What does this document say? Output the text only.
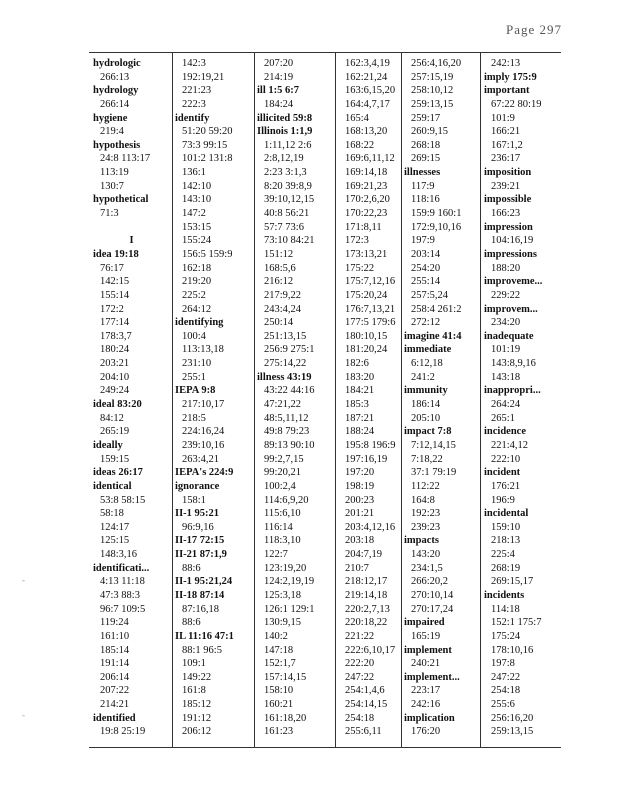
Page 297
-
-
hydrologic
266:13
hydrology
266:14
hygiene
219:4
hypothesis
24:8 113:17
113:19
130:7
hypothetical
71:3
I
idea 19:18
76:17
142:15
155:14
172:2
177:14
178:3,7
180:24
203:21
204:10
249:24
ideal 83:20
84:12
265:19
ideally
159:15
ideas 26:17
identical
53:8 58:15
58:18
124:17
125:15
148:3,16
identificati...
4:13 11:18
47:3 88:3
96:7 109:5
119:24
161:10
185:14
191:14
206:14
207:22
214:21
identified
19:8 25:19
142:3
192:19,21
221:23
222:3
identify
51:20 59:20
73:3 99:15
101:2 131:8
136:1
142:10
143:10
147:2
153:15
155:24
156:5 159:9
162:18
219:20
225:2
264:12
identifying
100:4
113:13,18
231:10
255:1
IEPA 9:8
217:10,17
218:5
224:16,24
239:10,16
263:4,21
IEPA's 224:9
ignorance
158:1
II-1 95:21
96:9,16
II-17 72:15
II-21 87:1,9
88:6
II-1 95:21,24
II-18 87:14
87:16,18
88:6
IL 11:16 47:1
88:1 96:5
109:1
149:22
161:8
185:12
191:12
206:12
207:20
214:19
ill 1:5 6:7
184:24
illicited 59:8
Illinois 1:1,9
1:11,12 2:6
2:8,12,19
2:23 3:1,3
8:20 39:8,9
39:10,12,15
40:8 56:21
57:7 73:6
73:10 84:21
151:12
168:5,6
216:12
217:9,22
243:4,24
250:14
251:13,15
256:9 275:1
275:14,22
illness 43:19
43:22 44:16
47:21,22
48:5,11,12
49:8 79:23
89:13 90:10
99:2,7,15
99:20,21
100:2,4
114:6,9,20
115:6,10
116:14
118:3,10
122:7
123:19,20
124:2,19,19
125:3,18
126:1 129:1
130:9,15
140:2
147:18
152:1,7
157:14,15
158:10
160:21
161:18,20
161:23
162:3,4,19
162:21,24
163:6,15,20
164:4,7,17
165:4
168:13,20
168:22
169:6,11,12
169:14,18
169:21,23
170:2,6,20
170:22,23
171:8,11
172:3
173:13,21
175:22
175:7,12,16
175:20,24
176:7,13,21
177:5 179:6
180:10,15
181:20,24
182:6
183:20
184:21
185:3
187:21
188:24
195:8 196:9
197:16,19
197:20
198:19
200:23
201:21
203:4,12,16
203:18
204:7,19
210:7
218:12,17
219:14,18
220:2,7,13
220:18,22
221:22
222:6,10,17
222:20
247:22
254:1,4,6
254:14,15
254:18
255:6,11
256:4,16,20
257:15,19
258:10,12
259:13,15
259:17
260:9,15
268:18
269:15
illnesses
117:9
118:16
159:9 160:1
172:9,10,16
197:9
203:14
254:20
255:14
257:5,24
258:4 261:2
272:12
imagine 41:4
immediate
6:12,18
241:2
immunity
186:14
205:10
impact 7:8
7:12,14,15
7:18,22
37:1 79:19
112:22
164:8
192:23
239:23
impacts
143:20
234:1,5
266:20,2
270:10,14
270:17,24
impaired
165:19
implement
240:21
implement...
223:17
242:16
implication
176:20
242:13
imply 175:9
important
67:22 80:19
101:9
166:21
167:1,2
236:17
imposition
239:21
impossible
166:23
impression
104:16,19
impressions
188:20
improveme...
229:22
improvem...
234:20
inadequate
101:19
143:8,9,16
143:18
inappropri...
264:24
265:1
incidence
221:4,12
222:10
incident
176:21
196:9
incidental
159:10
218:13
225:4
268:19
269:15,17
incidents
114:18
152:1 175:7
175:24
178:10,16
197:8
247:22
254:18
255:6
256:16,20
259:13,15
